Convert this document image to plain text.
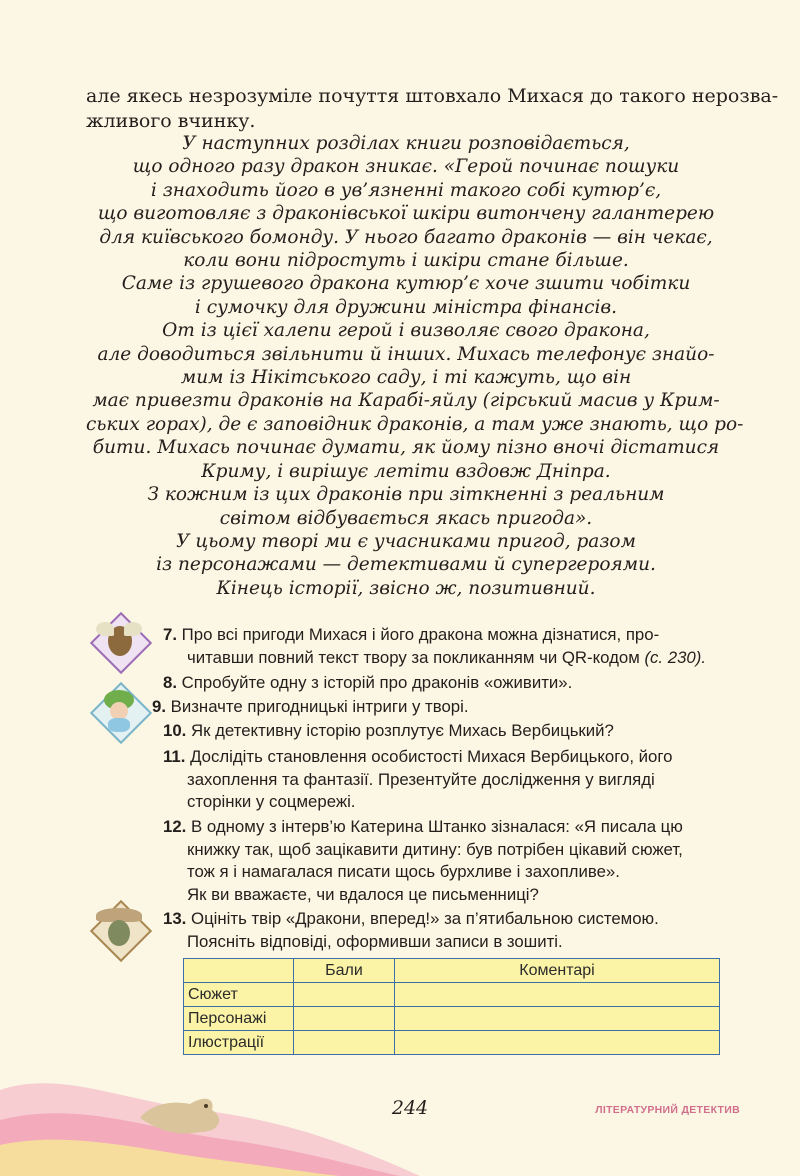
але якесь незрозуміле почуття штовхало Михася до такого нерозва-
жливого вчинку.

У наступних розділах книги розповідається,
що одного разу дракон зникає. «Герой починає пошуки
і знаходить його в ув’язненні такого собі кутюр’є,
що виготовляє з драконівської шкіри витончену галантерею
для київського бомонду. У нього багато драконів — він чекає,
коли вони підростуть і шкіри стане більше.
Саме із грушевого дракона кутюр’є хоче зшити чобітки
і сумочку для дружини міністра фінансів.
От із цієї халепи герой і визволяє свого дракона,
але доводиться звільнити й інших. Михась телефонує знайо-
мим із Нікітського саду, і ті кажуть, що він
має привезти драконів на Карабі-яйлу (гірський масив у Крим-
ських горах), де є заповідник драконів, а там уже знають, що ро-
бити. Михась починає думати, як йому пізно вночі дістатися
Криму, і вирішує летіти вздовж Дніпра.
З кожним із цих драконів при зіткненні з реальним
світом відбувається якась пригода».
У цьому творі ми є учасниками пригод, разом
із персонажами — детективами й супергероями.
Кінець історії, звісно ж, позитивний.
7. Про всі пригоди Михася і його дракона можна дізнатися, про-
читавши повний текст твору за покликанням чи QR-кодом (с. 230).
8. Спробуйте одну з історій про драконів «оживити».
9. Визначте пригодницькі інтриги у творі.
10. Як детективну історію розплутує Михась Вербицький?
11. Дослідіть становлення особистості Михася Вербицького, його
захоплення та фантазії. Презентуйте дослідження у вигляді
сторінки у соцмережі.
12. В одному з інтерв’ю Катерина Штанко зізналася: «Я писала цю
книжку так, щоб зацікавити дитину: був потрібен цікавий сюжет,
тож я і намагалася писати щось бурхливе і захопливе».
Як ви вважаєте, чи вдалося це письменниці?
13. Оцініть твір «Дракони, вперед!» за п’ятибальною системою.
Поясніть відповіді, оформивши записи в зошиті.
	Бали	Коментарі
Сюжет		
Персонажі		
Ілюстрації		
244	ЛІТЕРАТУРНИЙ ДЕТЕКТИВ
